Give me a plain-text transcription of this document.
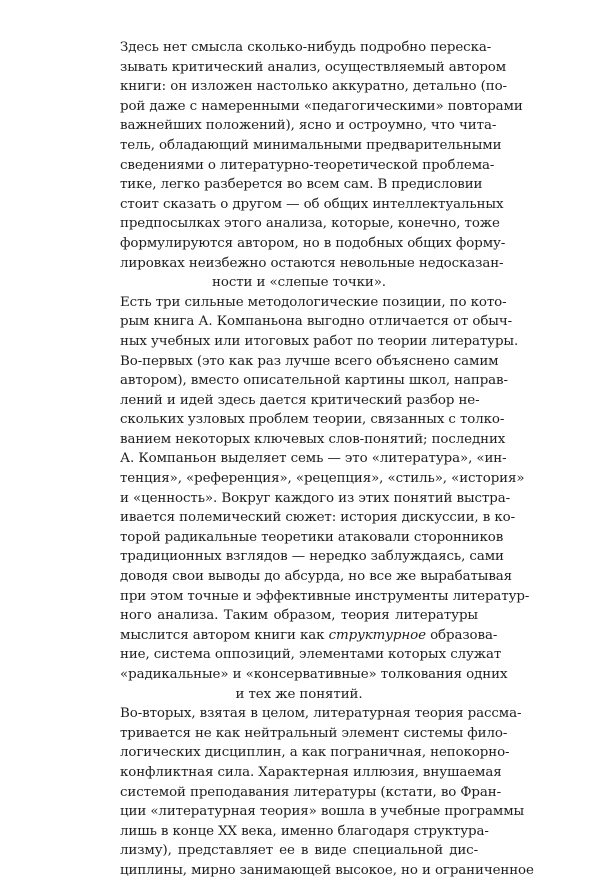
Здесь нет смысла сколько-нибудь подробно переска-
зывать критический анализ, осуществляемый автором
книги: он изложен настолько аккуратно, детально (по-
рой даже с намеренными «педагогическими» повторами
важнейших положений), ясно и остроумно, что чита-
тель, обладающий минимальными предварительными
сведениями о литературно-теоретической проблема-
тике, легко разберется во всем сам. В предисловии
стоит сказать о другом — об общих интеллектуальных
предпосылках этого анализа, которые, конечно, тоже
формулируются автором, но в подобных общих форму-
лировках неизбежно остаются невольные недосказан-
ности и «слепые точки».

Есть три сильные методологические позиции, по кото-
рым книга А. Компаньона выгодно отличается от обыч-
ных учебных или итоговых работ по теории литературы.
Во-первых (это как раз лучше всего объяснено самим
автором), вместо описательной картины школ, направ-
лений и идей здесь дается критический разбор не-
скольких узловых проблем теории, связанных с толко-
ванием некоторых ключевых слов-понятий; последних
А. Компаньон выделяет семь — это «литература», «ин-
тенция», «референция», «рецепция», «стиль», «история»
и «ценность». Вокруг каждого из этих понятий выстра-
ивается полемический сюжет: история дискуссии, в ко-
торой радикальные теоретики атаковали сторонников
традиционных взглядов — нередко заблуждаясь, сами
доводя свои выводы до абсурда, но все же вырабатывая
при этом точные и эффективные инструменты литератур-
ного анализа. Таким образом, теория литературы
мыслится автором книги как структурное образова-
ние, система оппозиций, элементами которых служат
«радикальные» и «консервативные» толкования одних
и тех же понятий.

Во-вторых, взятая в целом, литературная теория рассма-
тривается не как нейтральный элемент системы фило-
логических дисциплин, а как пограничная, непокорно-
конфликтная сила. Характерная иллюзия, внушаемая
системой преподавания литературы (кстати, во Фран-
ции «литературная теория» вошла в учебные программы
лишь в конце XX века, именно благодаря структура-
лизму), представляет ее в виде специальной дис-
циплины, мирно занимающей высокое, но и ограниченное
